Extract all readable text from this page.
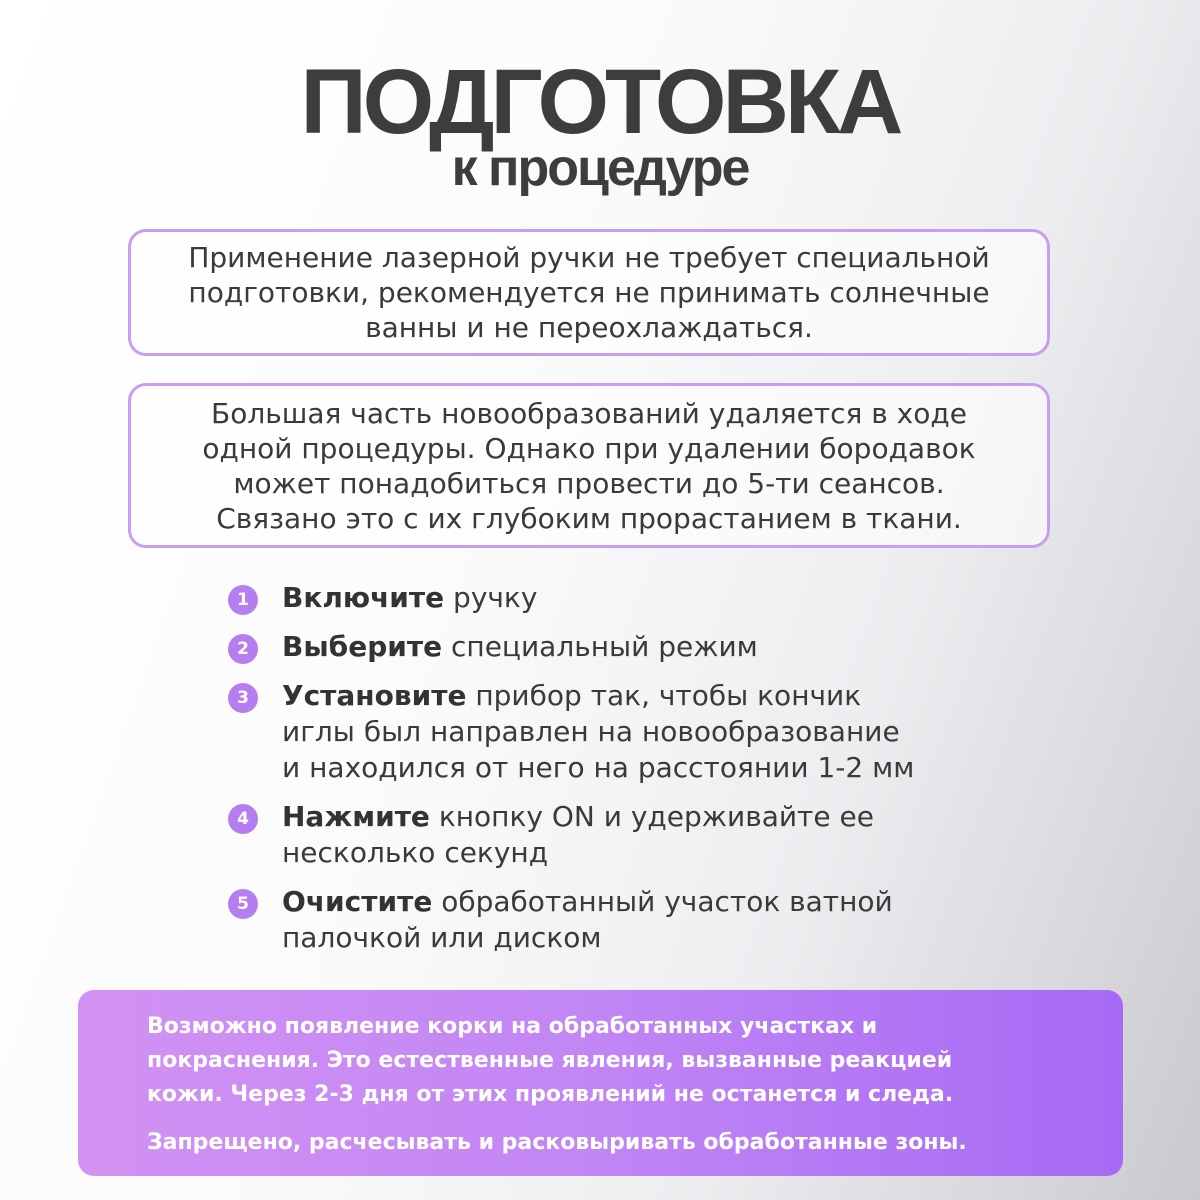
ПОДГОТОВКА
к процедуре
Применение лазерной ручки не требует специальной
подготовки, рекомендуется не принимать солнечные
ванны и не переохлаждаться.
Большая часть новообразований удаляется в ходе
одной процедуры. Однако при удалении бородавок
может понадобиться провести до 5-ти сеансов.
Связано это с их глубоким прорастанием в ткани.
1	Включите ручку
2	Выберите специальный режим
3	Установите прибор так, чтобы кончик
иглы был направлен на новообразование
и находился от него на расстоянии 1-2 мм
4	Нажмите кнопку ON и удерживайте ее
несколько секунд
5	Очистите обработанный участок ватной
палочкой или диском

Возможно появление корки на обработанных участках и
покраснения. Это естественные явления, вызванные реакцией
кожи. Через 2-3 дня от этих проявлений не останется и следа.

Запрещено, расчесывать и расковыривать обработанные зоны.
